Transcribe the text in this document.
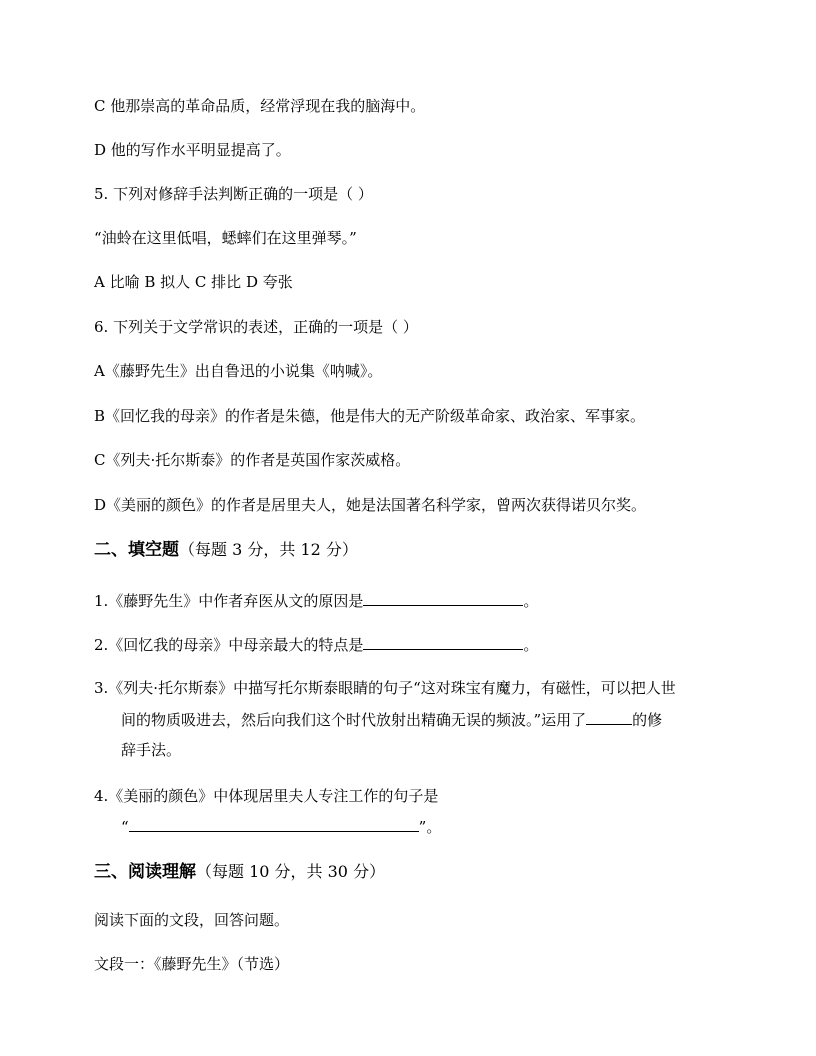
C 他那崇高的革命品质，经常浮现在我的脑海中。
D 他的写作水平明显提高了。
5. 下列对修辞手法判断正确的一项是（ ）
“油蛉在这里低唱，蟋蟀们在这里弹琴。”
A 比喻 B 拟人 C 排比 D 夸张
6. 下列关于文学常识的表述，正确的一项是（ ）
A《藤野先生》出自鲁迅的小说集《呐喊》。
B《回忆我的母亲》的作者是朱德，他是伟大的无产阶级革命家、政治家、军事家。
C《列夫·托尔斯泰》的作者是英国作家茨威格。
D《美丽的颜色》的作者是居里夫人，她是法国著名科学家，曾两次获得诺贝尔奖。
二、填空题（每题 3 分，共 12 分）
1.《藤野先生》中作者弃医从文的原因是	。
2.《回忆我的母亲》中母亲最大的特点是	。
3.《列夫·托尔斯泰》中描写托尔斯泰眼睛的句子“这对珠宝有魔力，有磁性，可以把人世
间的物质吸进去，然后向我们这个时代放射出精确无误的频波。”运用了	的修
辞手法。
4.《美丽的颜色》中体现居里夫人专注工作的句子是
“	”。
三、阅读理解（每题 10 分，共 30 分）
阅读下面的文段，回答问题。
文段一：《藤野先生》（节选）
